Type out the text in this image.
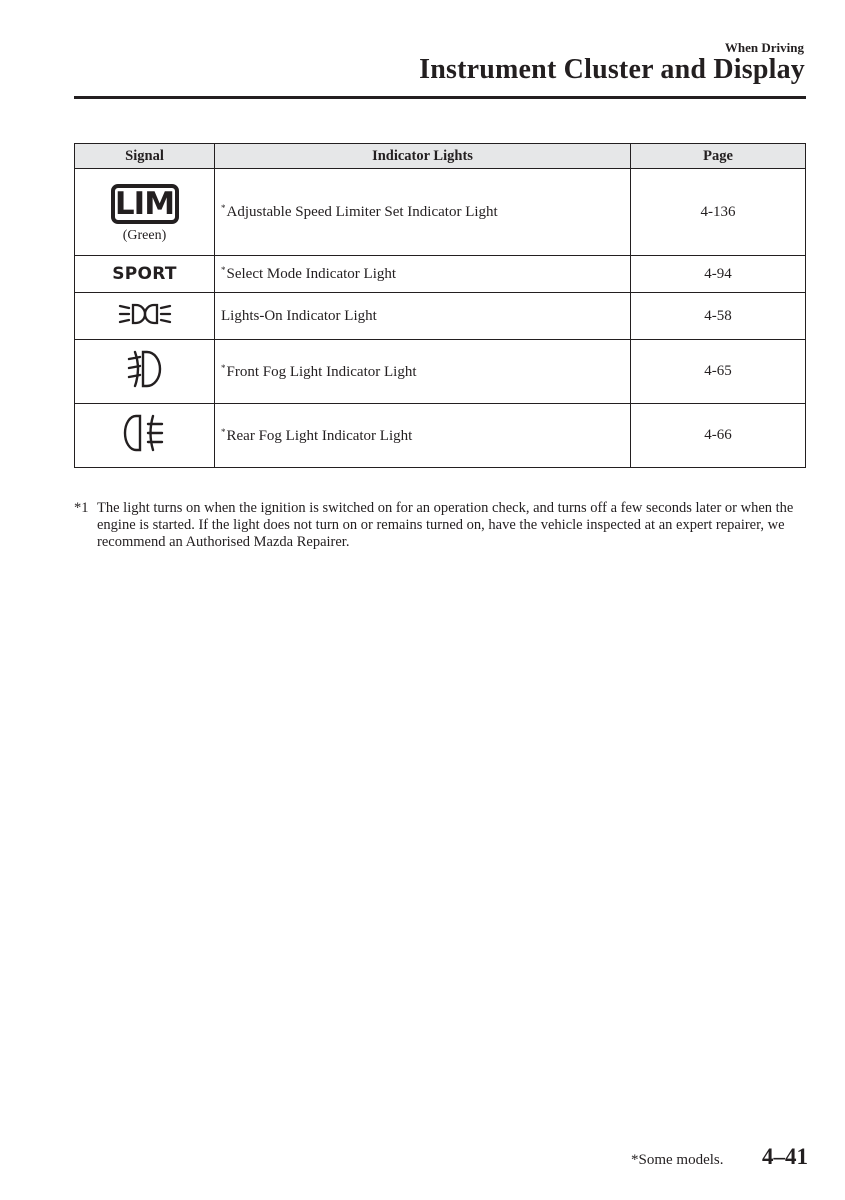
When Driving
Instrument Cluster and Display
Signal	Indicator Lights	Page
LIM
(Green)	*Adjustable Speed Limiter Set Indicator Light	4-136
SPORT	*Select Mode Indicator Light	4-94
	Lights-On Indicator Light	4-58
	*Front Fog Light Indicator Light	4-65
	*Rear Fog Light Indicator Light	4-66
*1 The light turns on when the ignition is switched on for an operation check, and turns off a few seconds later or when the engine is started. If the light does not turn on or remains turned on, have the vehicle inspected at an expert repairer, we recommend an Authorised Mazda Repairer.
*Some models. 4–41
